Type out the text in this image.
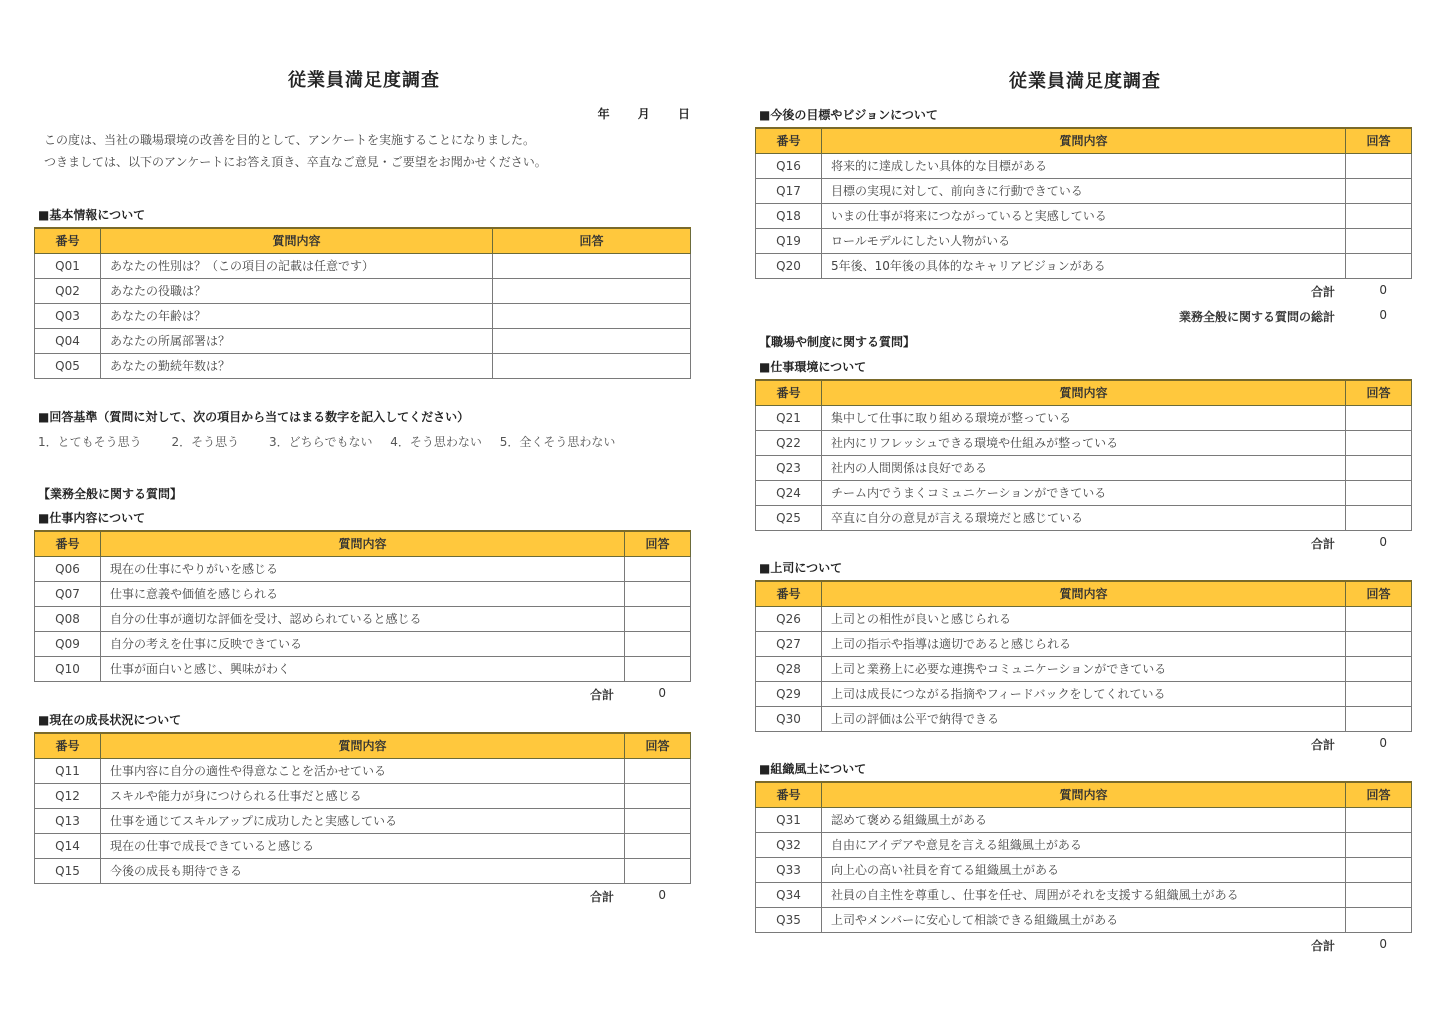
従業員満足度調査
年 月 日
この度は、当社の職場環境の改善を目的として、アンケートを実施することになりました。
つきましては、以下のアンケートにお答え頂き、卒直なご意見・ご要望をお聞かせください。
■基本情報について
番号	質問内容	回答
Q01	あなたの性別は？（この項目の記載は任意です）	
Q02	あなたの役職は？	
Q03	あなたの年齢は？	
Q04	あなたの所属部署は？	
Q05	あなたの勤続年数は？	
■回答基準（質問に対して、次の項目から当てはまる数字を記入してください）
1．とてもそう思う 2．そう思う 3．どちらでもない 4．そう思わない 5．全くそう思わない
【業務全般に関する質問】
■仕事内容について
番号	質問内容	回答
Q06	現在の仕事にやりがいを感じる	
Q07	仕事に意義や価値を感じられる	
Q08	自分の仕事が適切な評価を受け、認められていると感じる	
Q09	自分の考えを仕事に反映できている	
Q10	仕事が面白いと感じ、興味がわく	
合計	0
■現在の成長状況について
番号	質問内容	回答
Q11	仕事内容に自分の適性や得意なことを活かせている	
Q12	スキルや能力が身につけられる仕事だと感じる	
Q13	仕事を通じてスキルアップに成功したと実感している	
Q14	現在の仕事で成長できていると感じる	
Q15	今後の成長も期待できる	
合計	0
従業員満足度調査
■今後の目標やビジョンについて
番号	質問内容	回答
Q16	将来的に達成したい具体的な目標がある	
Q17	目標の実現に対して、前向きに行動できている	
Q18	いまの仕事が将来につながっていると実感している	
Q19	ロールモデルにしたい人物がいる	
Q20	5年後、10年後の具体的なキャリアビジョンがある	
合計	0
業務全般に関する質問の総計	0
【職場や制度に関する質問】
■仕事環境について
番号	質問内容	回答
Q21	集中して仕事に取り組める環境が整っている	
Q22	社内にリフレッシュできる環境や仕組みが整っている	
Q23	社内の人間関係は良好である	
Q24	チーム内でうまくコミュニケーションができている	
Q25	卒直に自分の意見が言える環境だと感じている	
合計	0
■上司について
番号	質問内容	回答
Q26	上司との相性が良いと感じられる	
Q27	上司の指示や指導は適切であると感じられる	
Q28	上司と業務上に必要な連携やコミュニケーションができている	
Q29	上司は成長につながる指摘やフィードバックをしてくれている	
Q30	上司の評価は公平で納得できる	
合計	0
■組織風土について
番号	質問内容	回答
Q31	認めて褒める組織風土がある	
Q32	自由にアイデアや意見を言える組織風土がある	
Q33	向上心の高い社員を育てる組織風土がある	
Q34	社員の自主性を尊重し、仕事を任せ、周囲がそれを支援する組織風土がある	
Q35	上司やメンバーに安心して相談できる組織風土がある	
合計	0
